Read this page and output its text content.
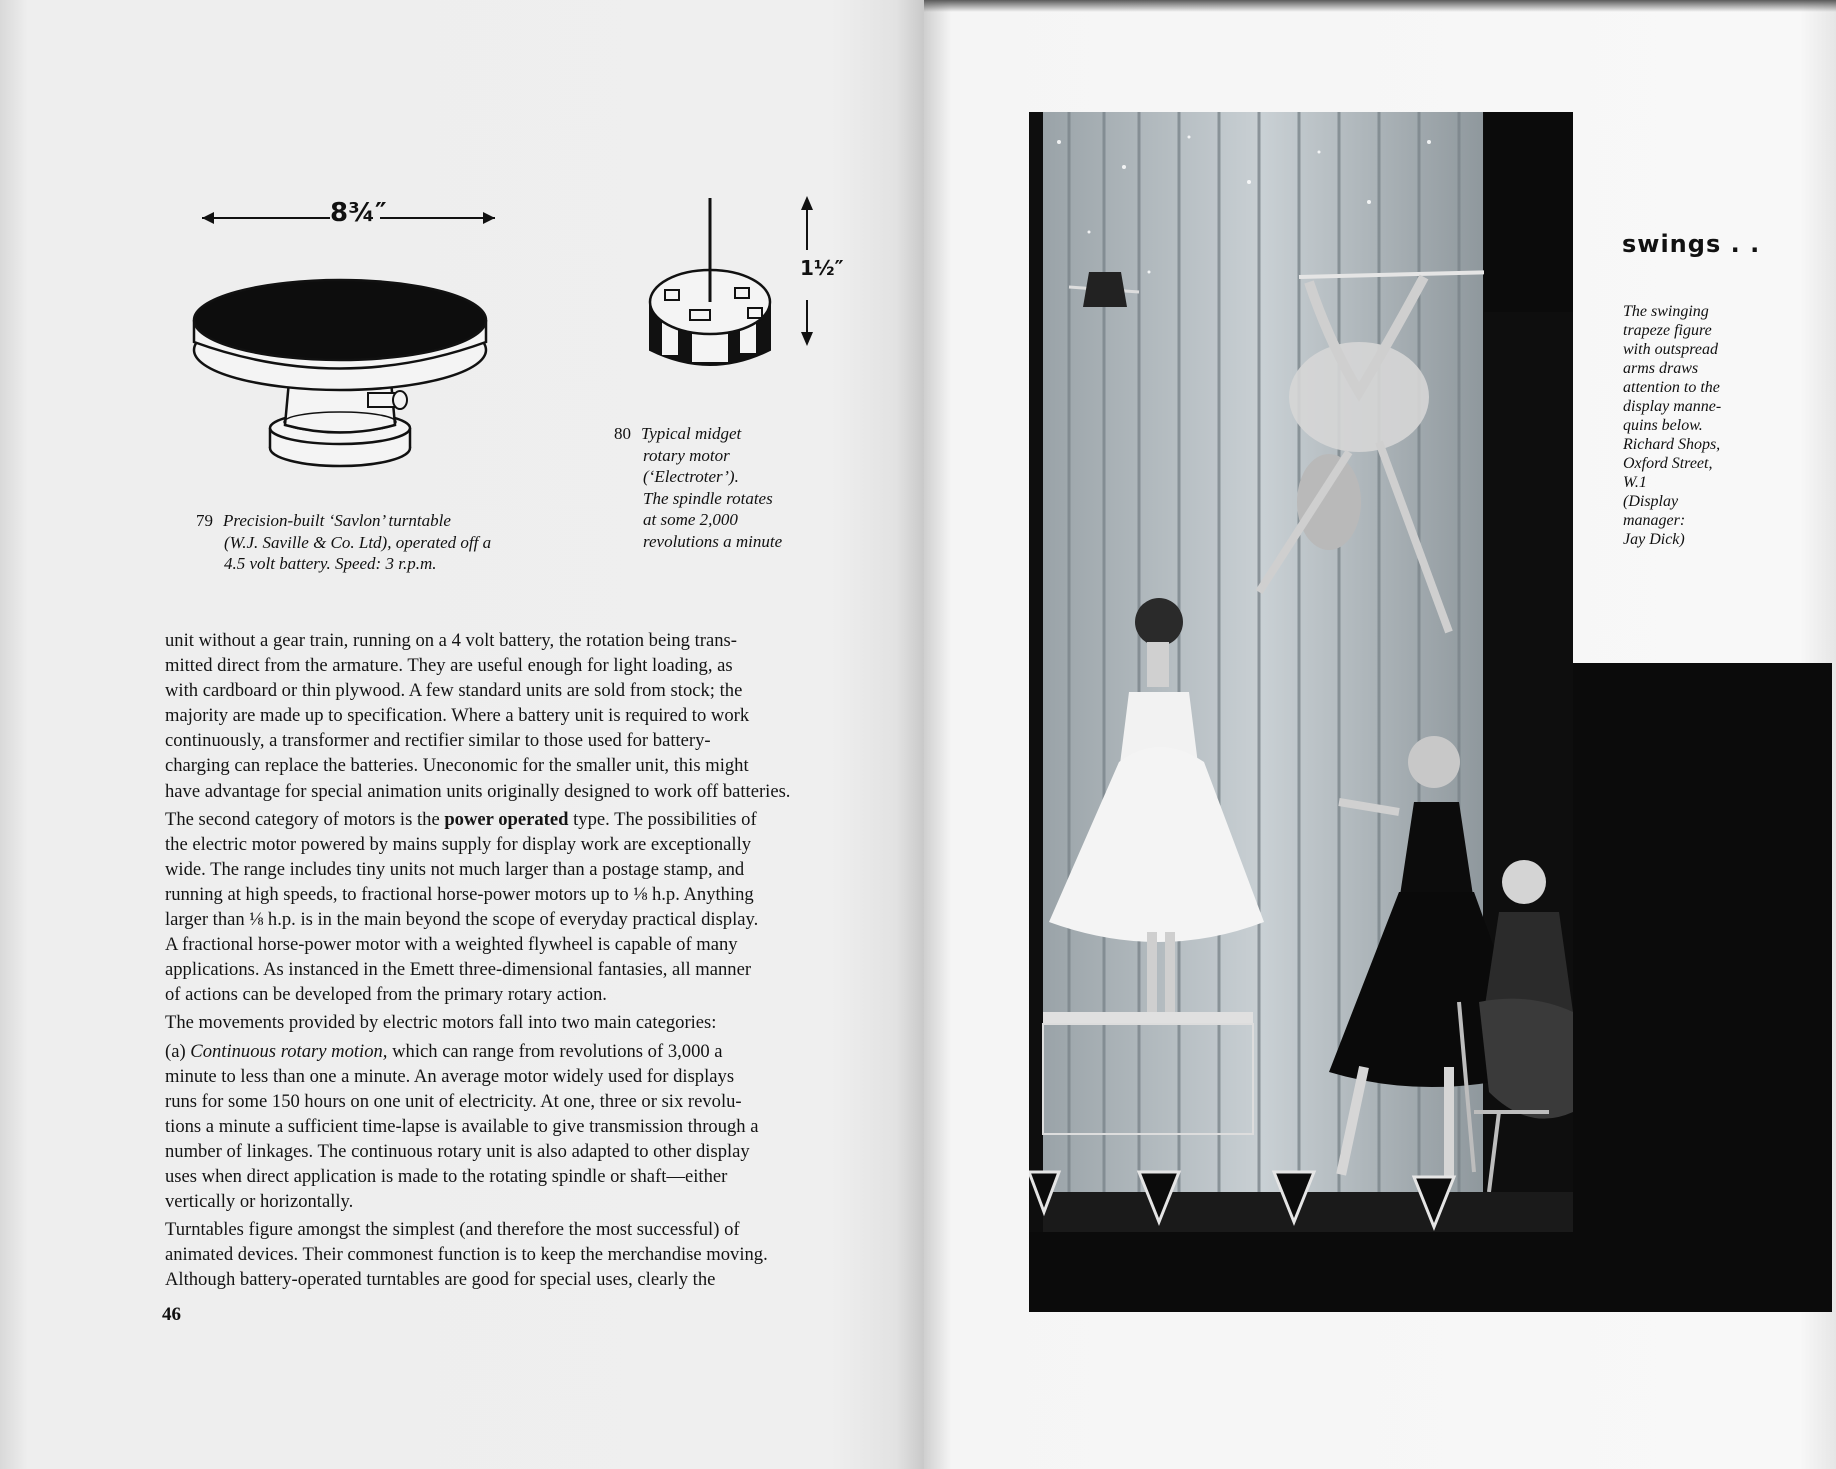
8¾″
1½″
80 Typical midget
rotary motor
(‘Electroter’).
The spindle rotates
at some 2,000
revolutions a minute
79 Precision-built ‘Savlon’ turntable
(W.J. Saville & Co. Ltd), operated off a
4.5 volt battery. Speed: 3 r.p.m.

unit without a gear train, running on a 4 volt battery, the rotation being trans-
mitted direct from the armature. They are useful enough for light loading, as
with cardboard or thin plywood. A few standard units are sold from stock; the
majority are made up to specification. Where a battery unit is required to work
continuously, a transformer and rectifier similar to those used for battery-
charging can replace the batteries. Uneconomic for the smaller unit, this might
have advantage for special animation units originally designed to work off batteries.

The second category of motors is the power operated type. The possibilities of
the electric motor powered by mains supply for display work are exceptionally
wide. The range includes tiny units not much larger than a postage stamp, and
running at high speeds, to fractional horse-power motors up to ⅛ h.p. Anything
larger than ⅛ h.p. is in the main beyond the scope of everyday practical display.
A fractional horse-power motor with a weighted flywheel is capable of many
applications. As instanced in the Emett three-dimensional fantasies, all manner
of actions can be developed from the primary rotary action.

The movements provided by electric motors fall into two main categories:

(a) Continuous rotary motion, which can range from revolutions of 3,000 a
minute to less than one a minute. An average motor widely used for displays
runs for some 150 hours on one unit of electricity. At one, three or six revolu-
tions a minute a sufficient time-lapse is available to give transmission through a
number of linkages. The continuous rotary unit is also adapted to other display
uses when direct application is made to the rotating spindle or shaft—either
vertically or horizontally.

Turntables figure amongst the simplest (and therefore the most successful) of
animated devices. Their commonest function is to keep the merchandise moving.
Although battery-operated turntables are good for special uses, clearly the

46
swings . .
The swinging
trapeze figure
with outspread
arms draws
attention to the
display manne-
quins below.
Richard Shops,
Oxford Street,
W.1
(Display
manager:
Jay Dick)
